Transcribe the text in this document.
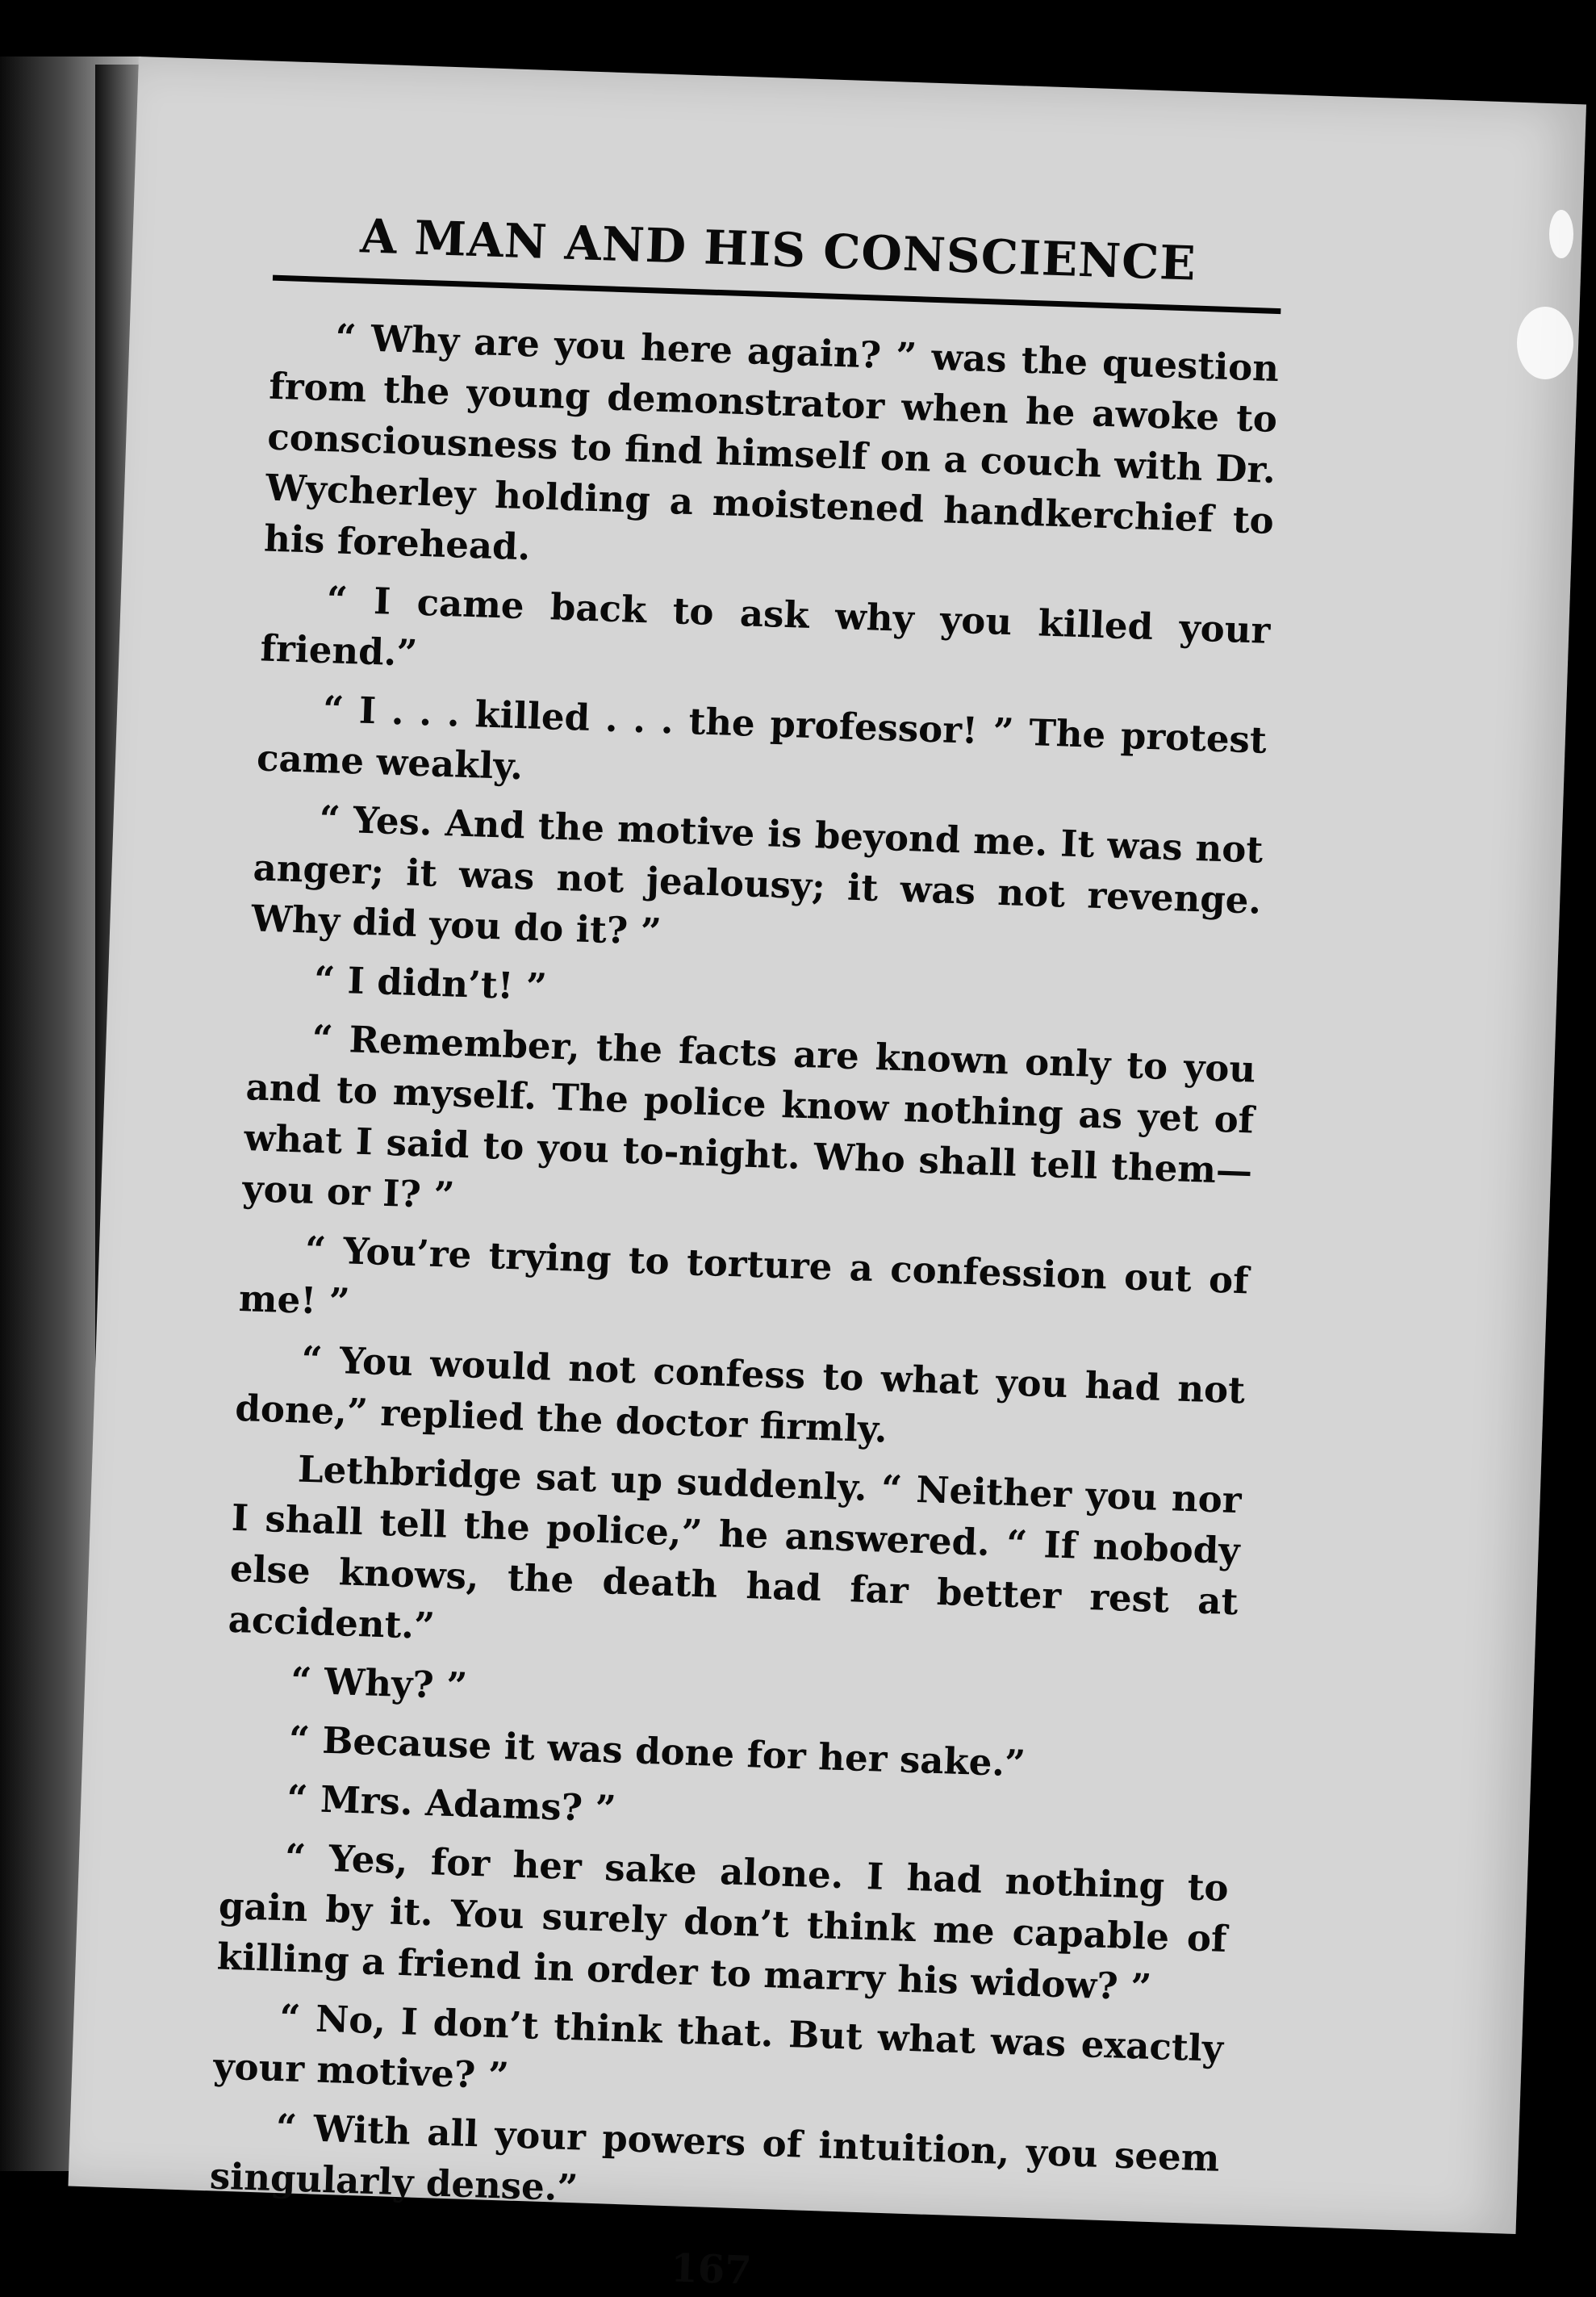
A MAN AND HIS CONSCIENCE

“ Why are you here again? ” was the question from the young demonstrator when he awoke to consciousness to find himself on a couch with Dr. Wycherley holding a moistened handkerchief to his forehead.

“ I came back to ask why you killed your friend.”

“ I . . . killed . . . the professor! ” The protest came weakly.

“ Yes. And the motive is beyond me. It was not anger; it was not jealousy; it was not revenge. Why did you do it? ”

“ I didn’t! ”

“ Remember, the facts are known only to you and to myself. The police know nothing as yet of what I said to you to-night. Who shall tell them—you or I? ”

“ You’re trying to torture a confession out of me! ”

“ You would not confess to what you had not done,” replied the doctor firmly.

Lethbridge sat up suddenly. “ Neither you nor I shall tell the police,” he answered. “ If nobody else knows, the death had far better rest at accident.”

“ Why? ”

“ Because it was done for her sake.”

“ Mrs. Adams? ”

“ Yes, for her sake alone. I had nothing to gain by it. You surely don’t think me capable of killing a friend in order to marry his widow? ”

“ No, I don’t think that. But what was exactly your motive? ”

“ With all your powers of intuition, you seem singularly dense.”

167
